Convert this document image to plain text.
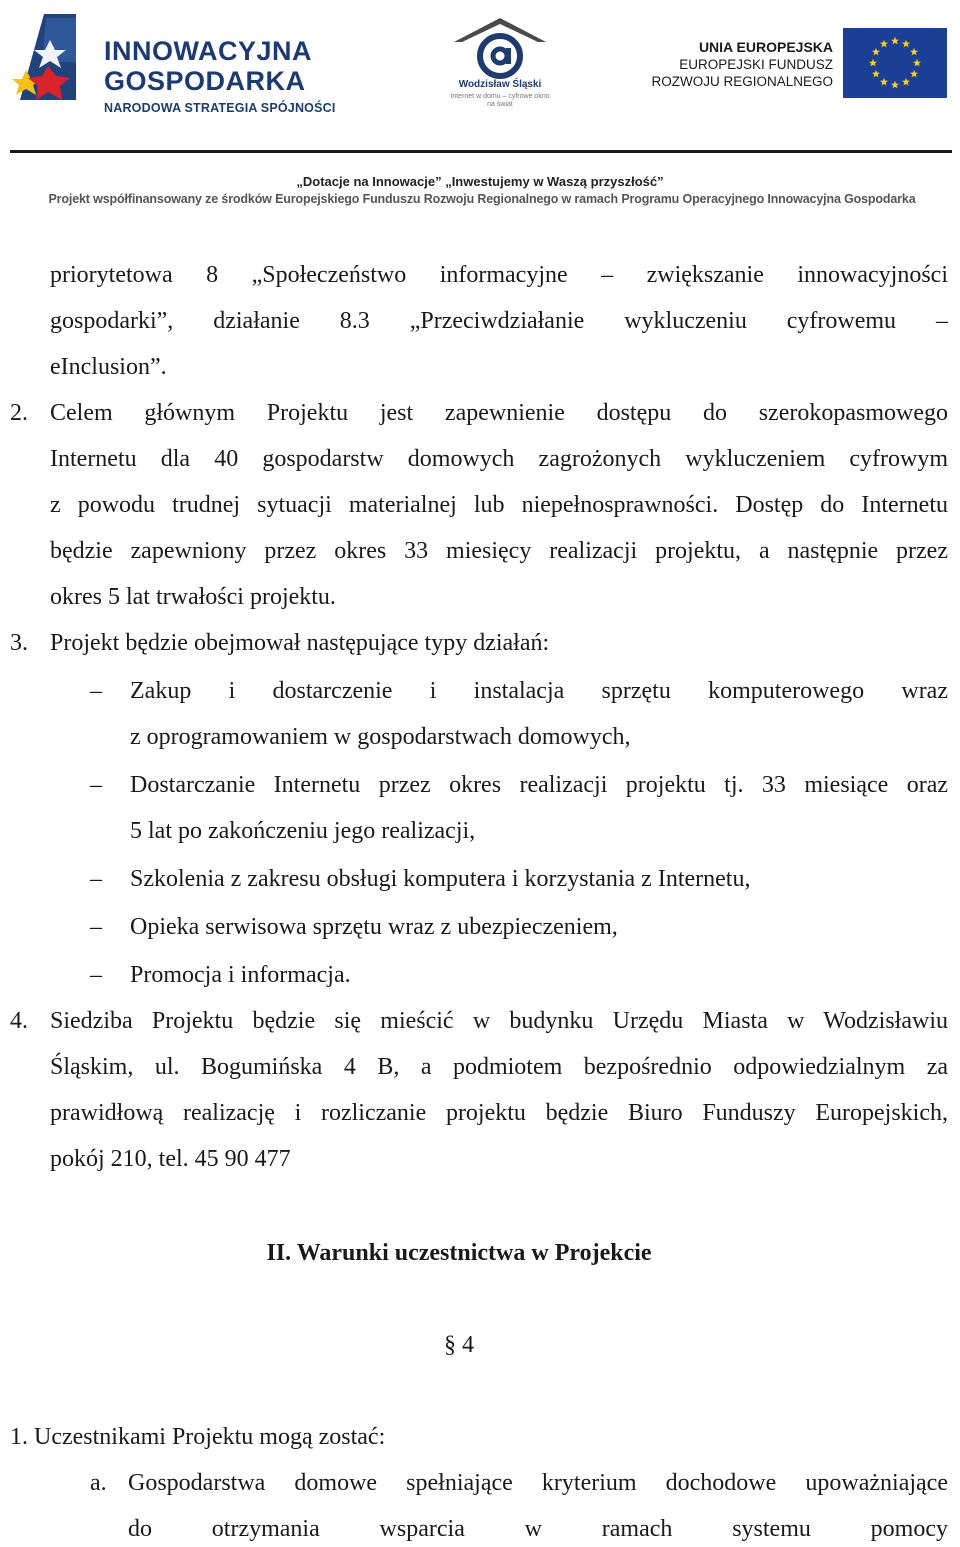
INNOWACYJNA
GOSPODARKA
NARODOWA STRATEGIA SPÓJNOŚCI
Wodzisław Śląski
Internet w domu – cyfrowe okno na świat
UNIA EUROPEJSKA
EUROPEJSKI FUNDUSZ
ROZWOJU REGIONALNEGO
„Dotacje na Innowacje” „Inwestujemy w Waszą przyszłość”
Projekt współfinansowany ze środków Europejskiego Funduszu Rozwoju Regionalnego w ramach Programu Operacyjnego Innowacyjna Gospodarka
priorytetowa 8 „Społeczeństwo informacyjne – zwiększanie innowacyjności
gospodarki”, działanie 8.3 „Przeciwdziałanie wykluczeniu cyfrowemu –
eInclusion”.
2. Celem głównym Projektu jest zapewnienie dostępu do szerokopasmowego
Internetu dla 40 gospodarstw domowych zagrożonych wykluczeniem cyfrowym
z powodu trudnej sytuacji materialnej lub niepełnosprawności. Dostęp do Internetu
będzie zapewniony przez okres 33 miesięcy realizacji projektu, a następnie przez
okres 5 lat trwałości projektu.
3. Projekt będzie obejmował następujące typy działań:
– Zakup i dostarczenie i instalacja sprzętu komputerowego wraz
z oprogramowaniem w gospodarstwach domowych,
– Dostarczanie Internetu przez okres realizacji projektu tj. 33 miesiące oraz
5 lat po zakończeniu jego realizacji,
– Szkolenia z zakresu obsługi komputera i korzystania z Internetu,
– Opieka serwisowa sprzętu wraz z ubezpieczeniem,
– Promocja i informacja.
4. Siedziba Projektu będzie się mieścić w budynku Urzędu Miasta w Wodzisławiu
Śląskim, ul. Bogumińska 4 B, a podmiotem bezpośrednio odpowiedzialnym za
prawidłową realizację i rozliczanie projektu będzie Biuro Funduszy Europejskich,
pokój 210, tel. 45 90 477
II. Warunki uczestnictwa w Projekcie
§ 4
1. Uczestnikami Projektu mogą zostać:
a. Gospodarstwa domowe spełniające kryterium dochodowe upoważniające
do otrzymania wsparcia w ramach systemu pomocy
